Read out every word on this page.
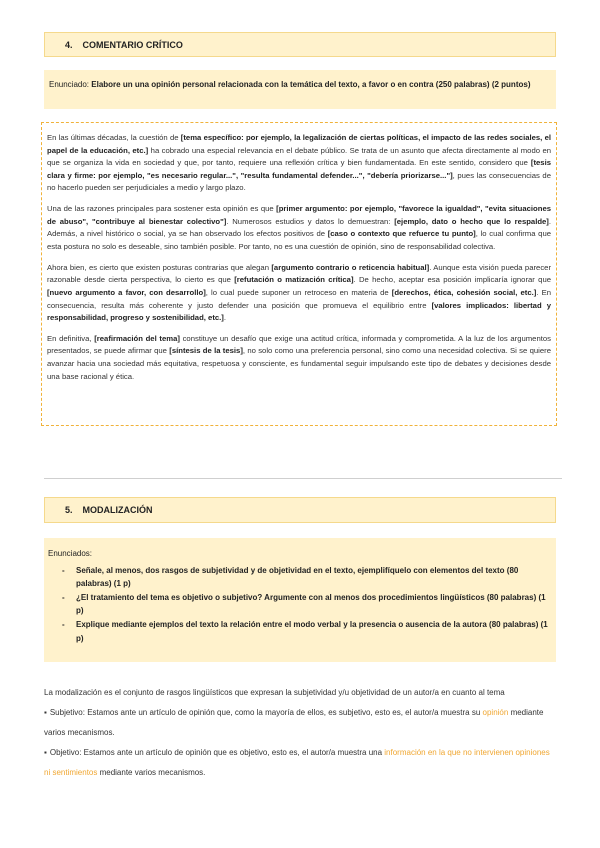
4. COMENTARIO CRÍTICO
Enunciado: Elabore un una opinión personal relacionada con la temática del texto, a favor o en contra (250 palabras) (2 puntos)

En las últimas décadas, la cuestión de [tema específico: por ejemplo, la legalización de ciertas políticas, el impacto de las redes sociales, el papel de la educación, etc.] ha cobrado una especial relevancia en el debate público. Se trata de un asunto que afecta directamente al modo en que se organiza la vida en sociedad y que, por tanto, requiere una reflexión crítica y bien fundamentada. En este sentido, considero que [tesis clara y firme: por ejemplo, "es necesario regular...", "resulta fundamental defender...", "debería priorizarse..."], pues las consecuencias de no hacerlo pueden ser perjudiciales a medio y largo plazo.

Una de las razones principales para sostener esta opinión es que [primer argumento: por ejemplo, "favorece la igualdad", "evita situaciones de abuso", "contribuye al bienestar colectivo"]. Numerosos estudios y datos lo demuestran: [ejemplo, dato o hecho que lo respalde]. Además, a nivel histórico o social, ya se han observado los efectos positivos de [caso o contexto que refuerce tu punto], lo cual confirma que esta postura no solo es deseable, sino también posible. Por tanto, no es una cuestión de opinión, sino de responsabilidad colectiva.

Ahora bien, es cierto que existen posturas contrarias que alegan [argumento contrario o reticencia habitual]. Aunque esta visión pueda parecer razonable desde cierta perspectiva, lo cierto es que [refutación o matización crítica]. De hecho, aceptar esa posición implicaría ignorar que [nuevo argumento a favor, con desarrollo], lo cual puede suponer un retroceso en materia de [derechos, ética, cohesión social, etc.]. En consecuencia, resulta más coherente y justo defender una posición que promueva el equilibrio entre [valores implicados: libertad y responsabilidad, progreso y sostenibilidad, etc.].

En definitiva, [reafirmación del tema] constituye un desafío que exige una actitud crítica, informada y comprometida. A la luz de los argumentos presentados, se puede afirmar que [síntesis de la tesis], no solo como una preferencia personal, sino como una necesidad colectiva. Si se quiere avanzar hacia una sociedad más equitativa, respetuosa y consciente, es fundamental seguir impulsando este tipo de debates y decisiones desde una base racional y ética.

5. MODALIZACIÓN
Enunciados:
- Señale, al menos, dos rasgos de subjetividad y de objetividad en el texto, ejemplifíquelo con elementos del texto (80 palabras) (1 p)
- ¿El tratamiento del tema es objetivo o subjetivo? Argumente con al menos dos procedimientos lingüísticos (80 palabras) (1 p)
- Explique mediante ejemplos del texto la relación entre el modo verbal y la presencia o ausencia de la autora (80 palabras) (1 p)

La modalización es el conjunto de rasgos lingüísticos que expresan la subjetividad y/u objetividad de un autor/a en cuanto al tema

▪ Subjetivo: Estamos ante un artículo de opinión que, como la mayoría de ellos, es subjetivo, esto es, el autor/a muestra su opinión mediante varios mecanismos.

▪ Objetivo: Estamos ante un artículo de opinión que es objetivo, esto es, el autor/a muestra una información en la que no intervienen opiniones ni sentimientos mediante varios mecanismos.
